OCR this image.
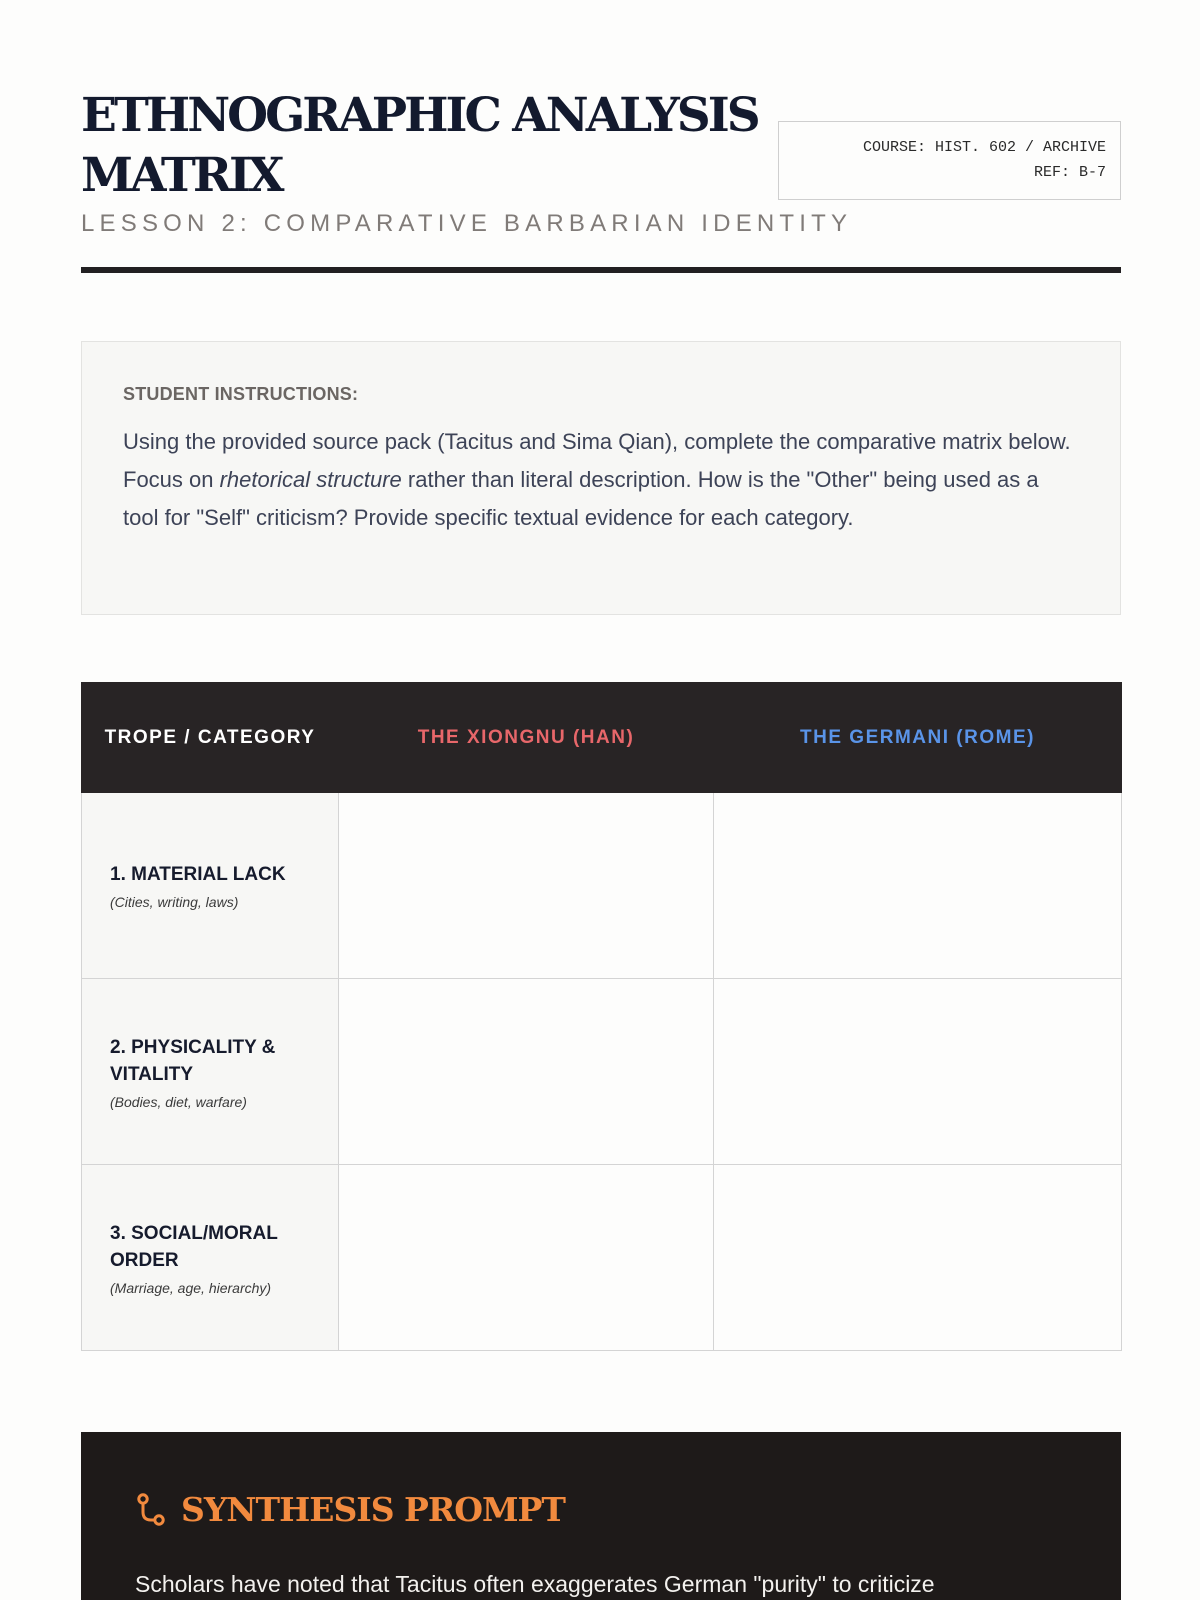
ETHNOGRAPHIC ANALYSIS MATRIX
LESSON 2: COMPARATIVE BARBARIAN IDENTITY
COURSE: HIST. 602 / ARCHIVE
REF: B-7
STUDENT INSTRUCTIONS:

Using the provided source pack (Tacitus and Sima Qian), complete the comparative matrix below. Focus on rhetorical structure rather than literal description. How is the "Other" being used as a tool for "Self" criticism? Provide specific textual evidence for each category.

TROPE / CATEGORY	THE XIONGNU (HAN)	THE GERMANI (ROME)

1. MATERIAL LACK
(Cities, writing, laws)		

2. PHYSICALITY & VITALITY
(Bodies, diet, warfare)		

3. SOCIAL/MORAL ORDER
(Marriage, age, hierarchy)		

SYNTHESIS PROMPT

Scholars have noted that Tacitus often exaggerates German "purity" to criticize
